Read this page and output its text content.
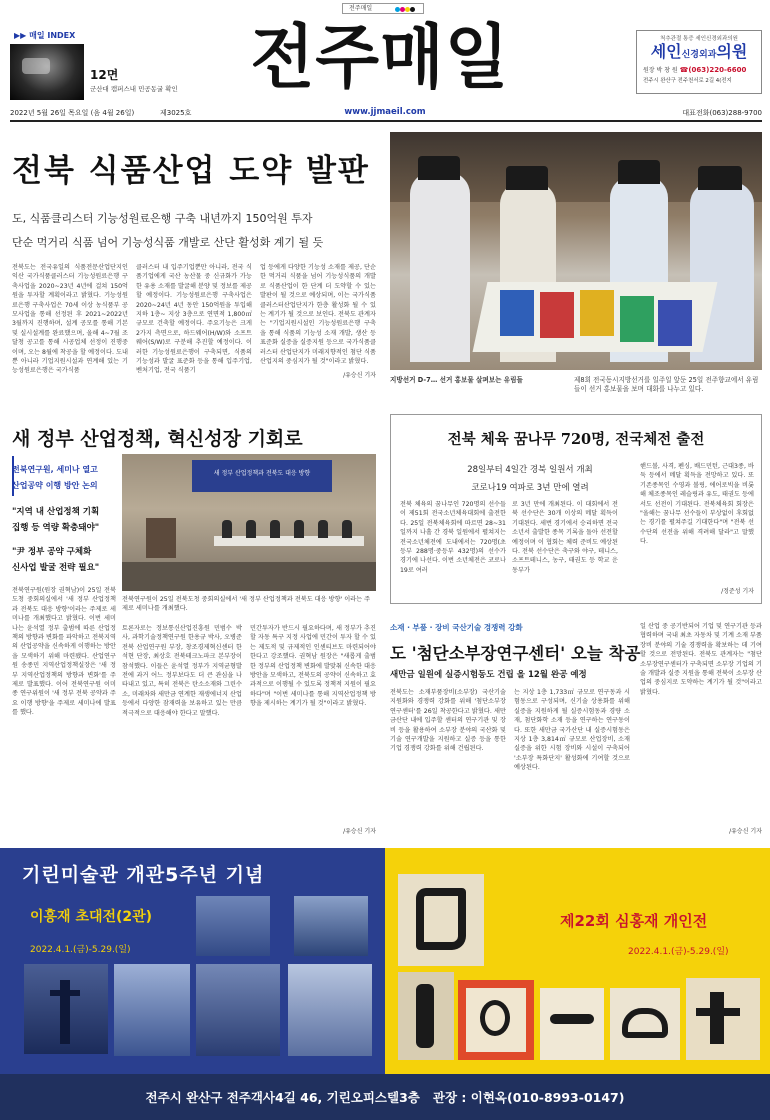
전주매일
▶▶ 매일 INDEX
12면
군산대 캠퍼스내 민공동굴 확인 전주매일	척추관절 통증 세인신경외과의원
세인신경외과의원
원장 박 창 원 ☎(063)220-6600
전주시 완산구 전주천서로 2길 4(전지
2022년 5월 26일 목요일 (음 4월 26일)	제3025호	www.jjmaeil.com	대표전화(063)288-9700
전북 식품산업 도약 발판
도, 식품클리스터 기능성원료은행 구축 내년까지 150억원 투자
단순 먹거리 식품 넘어 기능성식품 개발로 산단 활성화 계기 될 듯
전북도는 전국유일의 식품전문산업단지인 익산 국가식품클러스터 기능성원료은행 구축사업을 2020~23년 4년에 걸쳐 150억원을 투자할 계획이라고 밝혔다. 기능성원료은행 구축사업은 70세 이상 농식품부 공모사업을 통해 선정된 후 2021~2022년 3월까지 진행하며, 설계 공모를 통해 기본 및 실시설계를 완료했으며, 올해 4~7월 조달청 공고를 통해 시공업체 선정이 진행중이며, 오는 8월에 착공을 할 예정이다. 도내뿐 아니라 기업지원시설과 연계해 있는 기능성원료은행은 국가식품
클러스터 내 입주기업뿐만 아니라, 전국 식품기업에게 국산 농산물 중 신규화가 가능한 유용 소재를 발굴해 분양 및 정보를 제공할 예정이다. 기능성원료은행 구축사업은 2020~24년 4년 동안 150억원을 투입해 지하 1층~ 지상 3층으로 연면적 1,800㎡ 규모로 건축할 예정이다. 주요기능은 크게 2가지 측면으로, 하드웨어(H/W)와 소프트웨어(S/W)로 구분해 추진할 예정이다. 이러한 기능성원료은행이 구축되면, 식품의 기능성과 발굴 표준화 등을 통해 입주기업, 벤처기업, 전국 식품기
업 등에게 다양한 기능성 소재를 제공, 단순한 먹거리 식품을 넘어 기능성식품의 개발로 식품산업이 한 단계 더 도약할 수 있는 발판이 될 것으로 예상되며, 이는 국가식품클러스터산업단지가 한층 활성화 될 수 있는 계기가 될 것으로 보인다. 전북도 관계자는 "기업지원시설인 기능성원료은행 구축을 통해 식품의 기능성 소재 개발, 생산 등 표준화 실증을 실증지원 등으로 국가식품클러스터 산업단지가 미래지향적인 첨단 식품산업지의 중심지가 될 것"이라고 밝혔다.
/유승신 기자
지방선거 D-7… 선거 홍보물 살펴보는 유림들	제8회 전국동시지방선거를 일주일 앞둔 25일 전주향교에서 유림들이 선거 홍보물을 보며 대화를 나누고 있다.
새 정부 산업정책, 혁신성장 기회로
전북연구원, 세미나 열고
산업공약 이행 방안 논의
"지역 내 산업정책 기획
집행 등 역량 확충돼야"
"尹 정부 공약 구체화
신사업 발굴 전략 필요"
새 정부 산업정책과 전북도 대응 방향
전북연구원이 25일 전북도청 중회의실에서 '새 정부 산업정책과 전북도 대응 방향' 이라는 주제로 세미나를 개최했다.
전북연구원(원장 권혁남)이 25일 전북도청 중회의실에서 '새 정부 산업정책과 전북도 대응 방향'이라는 주제로 세미나를 개최했다고 밝혔다. 이번 세미나는 윤석열 정부 출범에 따른 산업정책의 방향과 변화를 파악하고 전북지역의 산업공약을 신속하게 이행하는 방안을 모색하기 위해 마련됐다. 산업연구원 송종민 지역산업정책실장은 '새 정부 지역산업정책의 방향과 변화'를 주제로 발표했다. 이어 전북연구원 이미종 연구위원이 '새 정부 전북 공약과 주요 이행 방향'을 주제로 세미나에 발표를 했다.
토론자로는 정보통신산업진흥원 민범수 박사, 과학기술정책연구원 한용규 박사, 오병준 전북 산업연구원 부장, 창조경제혁신센터 한석현 단장, 최상호 전북테크노파크 본부장이 참석했다. 이들은 윤석열 정부가 지역균형발전에 과거 어느 정부보다도 더 큰 관심을 나타내고 있고, 특히 전북은 탄소소재와 그린수소, 미래차와 새만금 연계한 재생에너지 산업 등에서 다양한 잠재력을 보유하고 있는 만큼 적극적으로 대응해야 한다고 말했다.
민간투자가 반드시 필요하다며, 새 정부가 추진할 자동 특구 지정 사업에 민간이 투자 할 수 있는 제도적 및 규제적인 인센티브도 마련되어야 한다고 강조했다. 권혁남 원장은 "새롭게 출범한 정부의 산업정책 변화에 발맞춰 신속한 대응 방안을 모색하고, 전북도의 공약이 신속하고 효과적으로 이행될 수 있도록 정책적 지원이 필요하다"며 "이번 세미나를 통해 지역산업정책 방향을 제시하는 계기가 될 것"이라고 밝혔다.
/유승신 기자
전북 체육 꿈나무 720명, 전국체전 출전
28일부터 4일간 경북 일원서 개최
코로나19 여파로 3년 만에 열려
전북 체육의 꿈나무인 720명의 선수들이 제51회 전국소년체육대회에 출전한다. 25일 전북체육회에 따르면 28~31일까지 나흘 간 경북 일원에서 펼쳐지는 전국소년체전에 도내에서는 720명(초등부 288명·중등부 432명)의 선수가 경기에 나선다. 이번 소년체전은 코로나19로 여러
로 3년 만에 개최된다. 이 대회에서 전북 선수단은 30개 이상의 메달 획득이 기대된다. 세번 경기에서 승리하면 전국소년서 출발한 종목 기록을 돌아 선전할 예정이며 이 협회는 체력 준비도 예상된다. 전북 선수단은 축구와 야구, 테니스, 소프트테니스, 농구, 태권도 등 학교 운동부가
핸드볼, 사격, 펜싱, 배드민턴, 근대3종, 바둑 등에서 메달 획득을 전망하고 있다. 또 기존종목인 수영과 볼링, 에어로빅을 비롯해 체조종목인 레슬링과 유도, 태권도 등에서도 선전이 기대된다. 전북체육회 회장은 "올해는 꿈나무 선수들이 부상없이 후회없는 경기를 펼쳐주길 기대한다"며 "전북 선수단의 선전을 위해 격려해 달라"고 말했다.
/정준성 기자
소재 · 부품 · 장비 국산기술 경쟁력 강화
도 '첨단소부장연구센터' 오늘 착공
새만금 일원에 실증시험동도 건립 올 12월 완공 예정
전북도는 소재부품장비(소부장) 국산기술 지원화와 경쟁력 강화를 위해 '첨단소부장연구센터'를 26일 착공한다고 밝혔다. 새만금산단 내에 입주할 센터의 연구기관 및 장비 등을 활용하여 소부장 분야의 국산화 및 기술 연구개발을 지원하고 실증 등을 통한 기업 경쟁력 강화를 위해 건립된다.
는 지상 1층 1,733㎡ 규모로 연구동과 시험동으로 구성되며, 신기술 상용화를 위해 실증을 지원하게 될 실증시험동과 경량 소재, 첨단화학 소재 등을 연구하는 연구동이다. 또한 새만금 국가산단 내 실증시험동은 지상 1층 3,814㎡ 규모로 산업장비, 소재 실증을 위한 시험 장비와 시설이 구축되어 '소부장 특화단지' 활성화에 기여할 것으로 예상된다.
일 산업 중 공기반되어 기업 및 연구기관 등과 협력하며 국내 최초 자동차 및 기계 소재 부품 장비 분야의 기술 경쟁력을 확보하는 데 기여할 것으로 전망된다. 전북도 관계자는 "첨단소부장연구센터가 구축되면 소부장 기업의 기술 개발과 실증 지원을 통해 전북이 소부장 산업의 중심지로 도약하는 계기가 될 것"이라고 밝혔다.
/유승신 기자
기린미술관 개관5주년 기념
이흥재 초대전(2관)
2022.4.1.(금)-5.29.(일)
제22회 심홍재 개인전
2022.4.1.(금)-5.29.(일)
전주시 완산구 전주객사4길 46, 기린오피스텔3층   관장 : 이현옥(010-8993-0147)
